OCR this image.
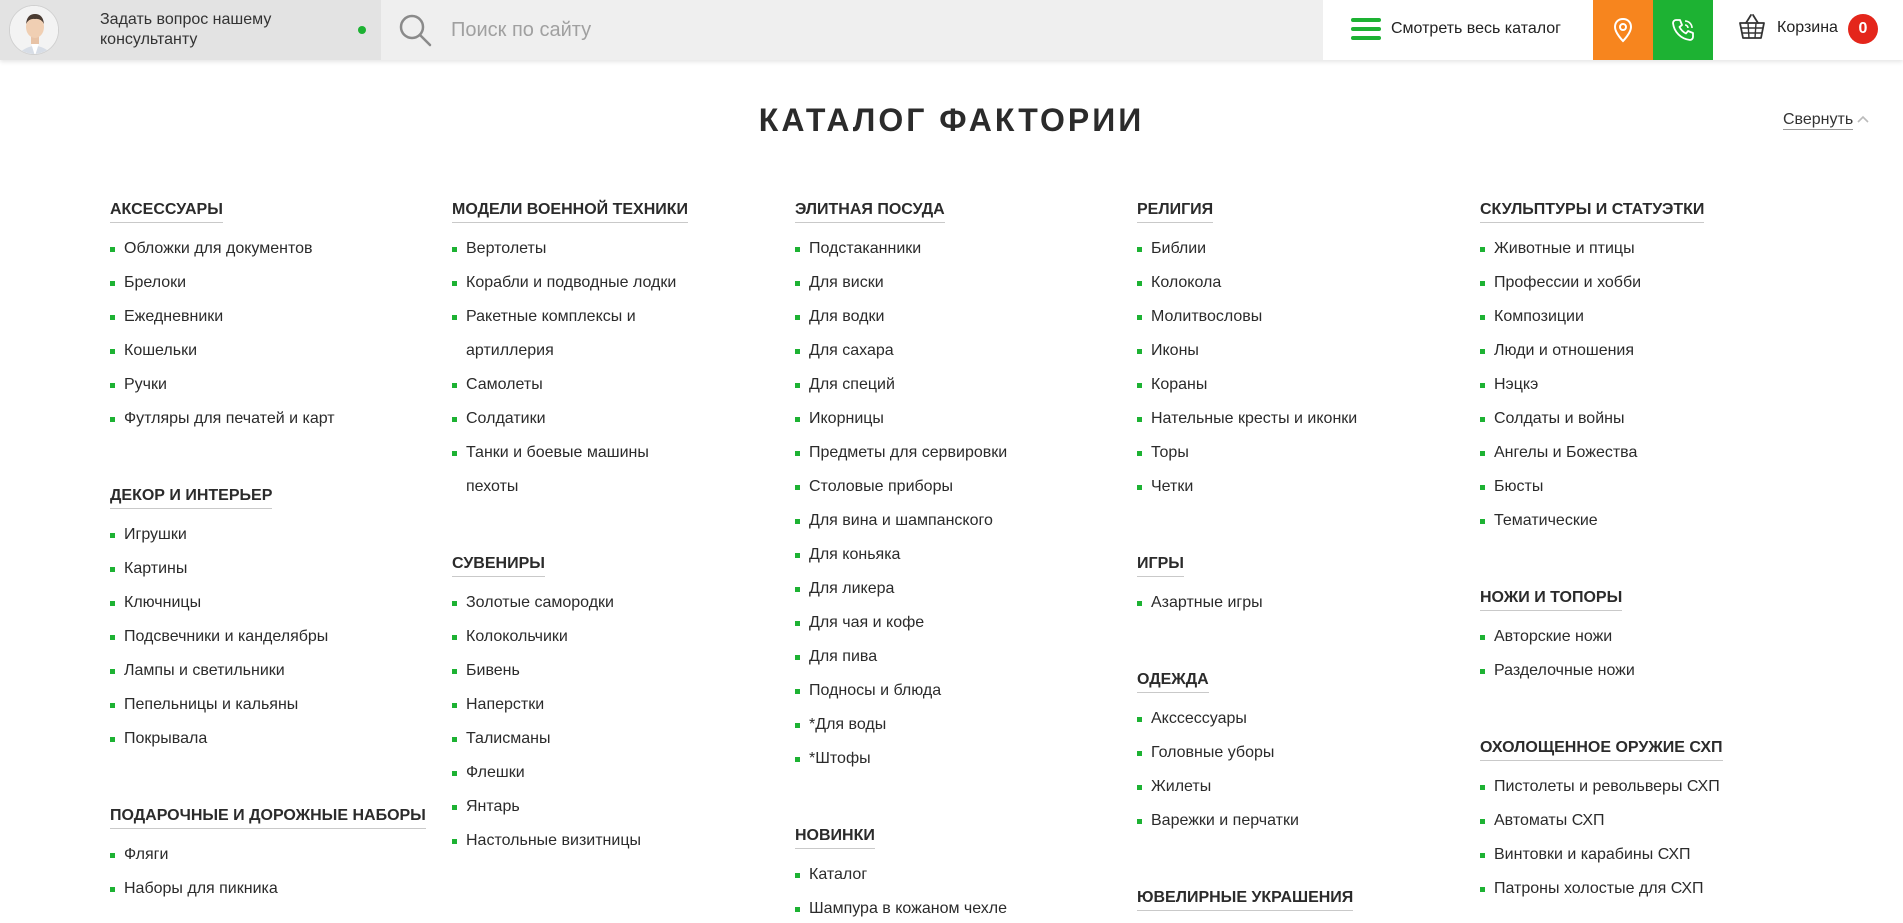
Задать вопрос нашему консультанту
Поиск по сайту
Смотреть весь каталог	Корзина	0
КАТАЛОГ ФАКТОРИИ	Свернуть
АКСЕССУАРЫ
Обложки для документов
Брелоки
Ежедневники
Кошельки
Ручки
Футляры для печатей и карт
ДЕКОР И ИНТЕРЬЕР
Игрушки
Картины
Ключницы
Подсвечники и канделябры
Лампы и светильники
Пепельницы и кальяны
Покрывала
ПОДАРОЧНЫЕ И ДОРОЖНЫЕ НАБОРЫ
Фляги
Наборы для пикника
МОДЕЛИ ВОЕННОЙ ТЕХНИКИ
Вертолеты
Корабли и подводные лодки
Ракетные комплексы и артиллерия
Самолеты
Солдатики
Танки и боевые машины пехоты
СУВЕНИРЫ
Золотые самородки
Колокольчики
Бивень
Наперстки
Талисманы
Флешки
Янтарь
Настольные визитницы
ЭЛИТНАЯ ПОСУДА
Подстаканники
Для виски
Для водки
Для сахара
Для специй
Икорницы
Предметы для сервировки
Столовые приборы
Для вина и шампанского
Для коньяка
Для ликера
Для чая и кофе
Для пива
Подносы и блюда
*Для воды
*Штофы
НОВИНКИ
Каталог
Шампура в кожаном чехле
РЕЛИГИЯ
Библии
Колокола
Молитвословы
Иконы
Кораны
Нательные кресты и иконки
Торы
Четки
ИГРЫ
Азартные игры
ОДЕЖДА
Акссессуары
Головные уборы
Жилеты
Варежки и перчатки
ЮВЕЛИРНЫЕ УКРАШЕНИЯ
СКУЛЬПТУРЫ И СТАТУЭТКИ
Животные и птицы
Профессии и хобби
Композиции
Люди и отношения
Нэцкэ
Солдаты и войны
Ангелы и Божества
Бюсты
Тематические
НОЖИ И ТОПОРЫ
Авторские ножи
Разделочные ножи
ОХОЛОЩЕННОЕ ОРУЖИЕ СХП
Пистолеты и револьверы СХП
Автоматы СХП
Винтовки и карабины СХП
Патроны холостые для СХП
